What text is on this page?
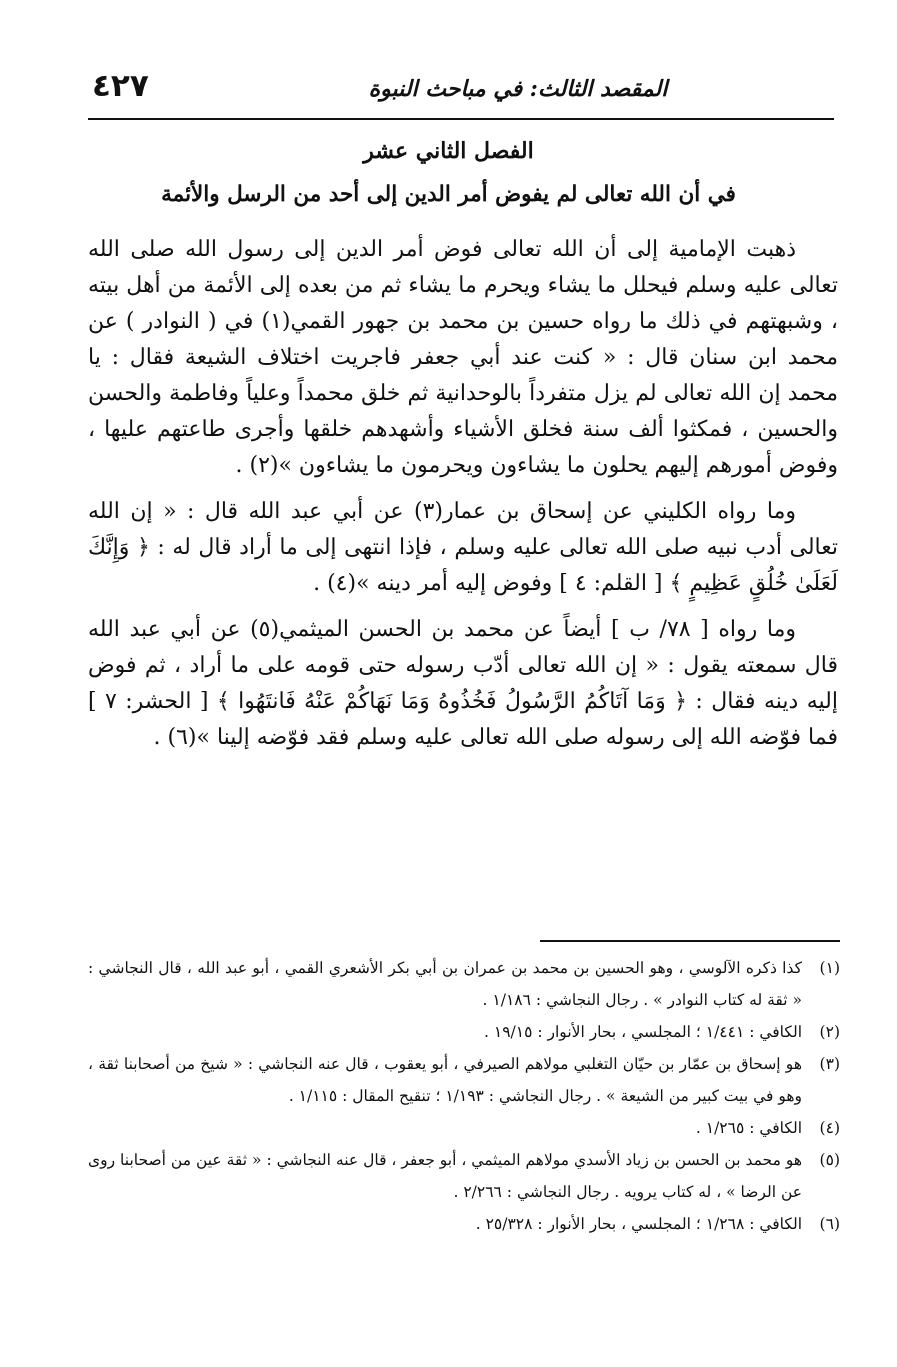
٤٢٧	المقصد الثالث: في مباحث النبوة
الفصل الثاني عشر
في أن الله تعالى لم يفوض أمر الدين إلى أحد من الرسل والأئمة

ذهبت الإمامية إلى أن الله تعالى فوض أمر الدين إلى رسول الله صلى الله تعالى عليه وسلم فيحلل ما يشاء ويحرم ما يشاء ثم من بعده إلى الأئمة من أهل بيته ، وشبهتهم في ذلك ما رواه حسين بن محمد بن جهور القمي(١) في ( النوادر ) عن محمد ابن سنان قال : « كنت عند أبي جعفر فاجريت اختلاف الشيعة فقال : يا محمد إن الله تعالى لم يزل متفرداً بالوحدانية ثم خلق محمداً وعلياً وفاطمة والحسن والحسين ، فمكثوا ألف سنة فخلق الأشياء وأشهدهم خلقها وأجرى طاعتهم عليها ، وفوض أمورهم إليهم يحلون ما يشاءون ويحرمون ما يشاءون »(٢) .

وما رواه الكليني عن إسحاق بن عمار(٣) عن أبي عبد الله قال : « إن الله تعالى أدب نبيه صلى الله تعالى عليه وسلم ، فإذا انتهى إلى ما أراد قال له : ﴿ وَإِنَّكَ لَعَلَىٰ خُلُقٍ عَظِيمٍ ﴾ [ القلم: ٤ ] وفوض إليه أمر دينه »(٤) .

وما رواه [ ٧٨/ ب ] أيضاً عن محمد بن الحسن الميثمي(٥) عن أبي عبد الله قال سمعته يقول : « إن الله تعالى أدّب رسوله حتى قومه على ما أراد ، ثم فوض إليه دينه فقال : ﴿ وَمَا آتَاكُمُ الرَّسُولُ فَخُذُوهُ وَمَا نَهَاكُمْ عَنْهُ فَانتَهُوا ﴾ [ الحشر: ٧ ] فما فوّضه الله إلى رسوله صلى الله تعالى عليه وسلم فقد فوّضه إلينا »(٦) .

(١)
كذا ذكره الآلوسي ، وهو الحسين بن محمد بن عمران بن أبي بكر الأشعري القمي ، أبو عبد الله ، قال النجاشي : « ثقة له كتاب النوادر » . رجال النجاشي : ١/١٨٦ .
(٢)
الكافي : ١/٤٤١ ؛ المجلسي ، بحار الأنوار : ١٩/١٥ .
(٣)
هو إسحاق بن عمّار بن حيّان التغلبي مولاهم الصيرفي ، أبو يعقوب ، قال عنه النجاشي : « شيخ من أصحابنا ثقة ، وهو في بيت كبير من الشيعة » . رجال النجاشي : ١/١٩٣ ؛ تنقيح المقال : ١/١١٥ .
(٤)
الكافي : ١/٢٦٥ .
(٥)
هو محمد بن الحسن بن زياد الأسدي مولاهم الميثمي ، أبو جعفر ، قال عنه النجاشي : « ثقة عين من أصحابنا روى عن الرضا » ، له كتاب يرويه . رجال النجاشي : ٢/٢٦٦ .
(٦)
الكافي : ١/٢٦٨ ؛ المجلسي ، بحار الأنوار : ٢٥/٣٢٨ .
